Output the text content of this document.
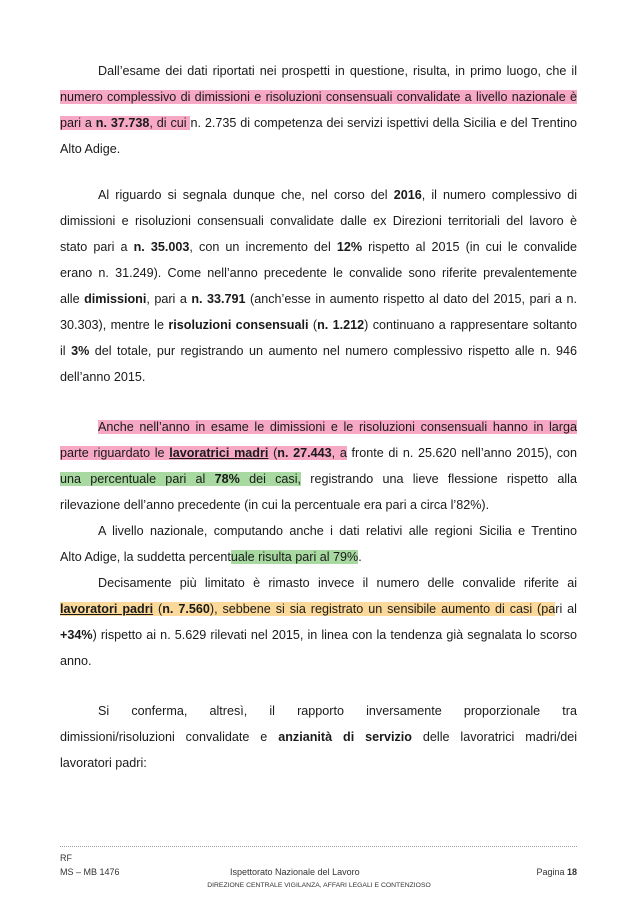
Dall’esame dei dati riportati nei prospetti in questione, risulta, in primo luogo, che il
numero complessivo di dimissioni e risoluzioni consensuali convalidate a livello nazionale è
pari a n. 37.738, di cui n. 2.735 di competenza dei servizi ispettivi della Sicilia e del Trentino
Alto Adige.
Al riguardo si segnala dunque che, nel corso del 2016, il numero complessivo di
dimissioni e risoluzioni consensuali convalidate dalle ex Direzioni territoriali del lavoro è
stato pari a n. 35.003, con un incremento del 12% rispetto al 2015 (in cui le convalide
erano n. 31.249). Come nell’anno precedente le convalide sono riferite prevalentemente
alle dimissioni, pari a n. 33.791 (anch’esse in aumento rispetto al dato del 2015, pari a n.
30.303), mentre le risoluzioni consensuali (n. 1.212) continuano a rappresentare soltanto
il 3% del totale, pur registrando un aumento nel numero complessivo rispetto alle n. 946
dell’anno 2015.
Anche nell’anno in esame le dimissioni e le risoluzioni consensuali hanno in larga
parte riguardato le lavoratrici madri (n. 27.443, a fronte di n. 25.620 nell’anno 2015), con
una percentuale pari al 78% dei casi, registrando una lieve flessione rispetto alla
rilevazione dell’anno precedente (in cui la percentuale era pari a circa l’82%).
A livello nazionale, computando anche i dati relativi alle regioni Sicilia e Trentino
Alto Adige, la suddetta percentuale risulta pari al 79%.
Decisamente più limitato è rimasto invece il numero delle convalide riferite ai
lavoratori padri (n. 7.560), sebbene si sia registrato un sensibile aumento di casi (pari al
+34%) rispetto ai n. 5.629 rilevati nel 2015, in linea con la tendenza già segnalata lo scorso
anno.
Si conferma, altresì, il rapporto inversamente proporzionale tra
dimissioni/risoluzioni convalidate e anzianità di servizio delle lavoratrici madri/dei
lavoratori padri:
RF
MS – MB 1476	Ispettorato Nazionale del Lavoro	Pagina 18
DIREZIONE CENTRALE VIGILANZA, AFFARI LEGALI E CONTENZIOSO
